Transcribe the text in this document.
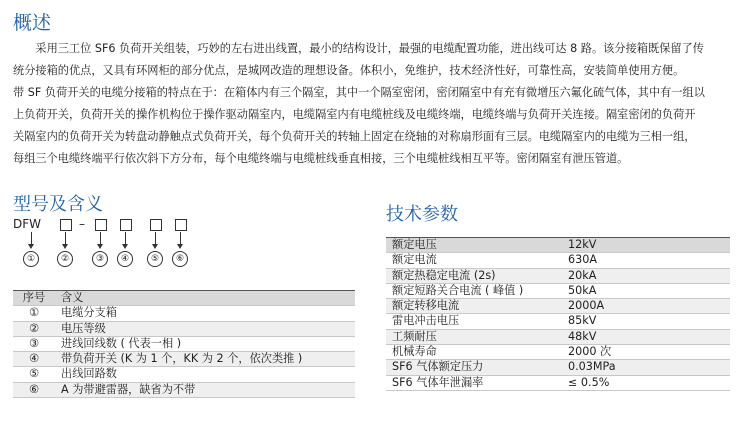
概述
　　采用三工位 SF6 负荷开关组装，巧妙的左右进出线置，最小的结构设计，最强的电缆配置功能，进出线可达 8 路。该分接箱既保留了传
统分接箱的优点，又具有环网柜的部分优点，是城网改造的理想设备。体积小，免维护，技术经济性好，可靠性高，安装简单使用方便。
带 SF 负荷开关的电缆分接箱的特点在于：在箱体内有三个隔室，其中一个隔室密闭，密闭隔室中有充有微增压六氟化硫气体，其中有一组以
上负荷开关，负荷开关的操作机构位于操作驱动隔室内，电缆隔室内有电缆桩线及电缆终端，电缆终端与负荷开关连接。隔室密闭的负荷开
关隔室内的负荷开关为转盘动静触点式负荷开关，每个负荷开关的转轴上固定在绕轴的对称扇形面有三层。电缆隔室内的电缆为三相一组，
每组三个电缆终端平行依次斜下方分布，每个电缆终端与电缆桩线垂直相接，三个电缆桩线相互平等。密闭隔室有泄压管道。
型号及含义
DFW	–
①	②	③	④	⑤	⑥
序号	含义
①	电缆分支箱
②	电压等级
③	进线回线数 ( 代表一相 )
④	带负荷开关 (K 为 1 个，KK 为 2 个，依次类推 )
⑤	出线回路数
⑥	A 为带避雷器，缺省为不带
技术参数
额定电压	12kV
额定电流	630A
额定热稳定电流 (2s)	20kA
额定短路关合电流 ( 峰值 )	50kA
额定转移电流	2000A
雷电冲击电压	85kV
工频耐压	48kV
机械寿命	2000 次
SF6 气体额定压力	0.03MPa
SF6 气体年泄漏率	≤ 0.5%
